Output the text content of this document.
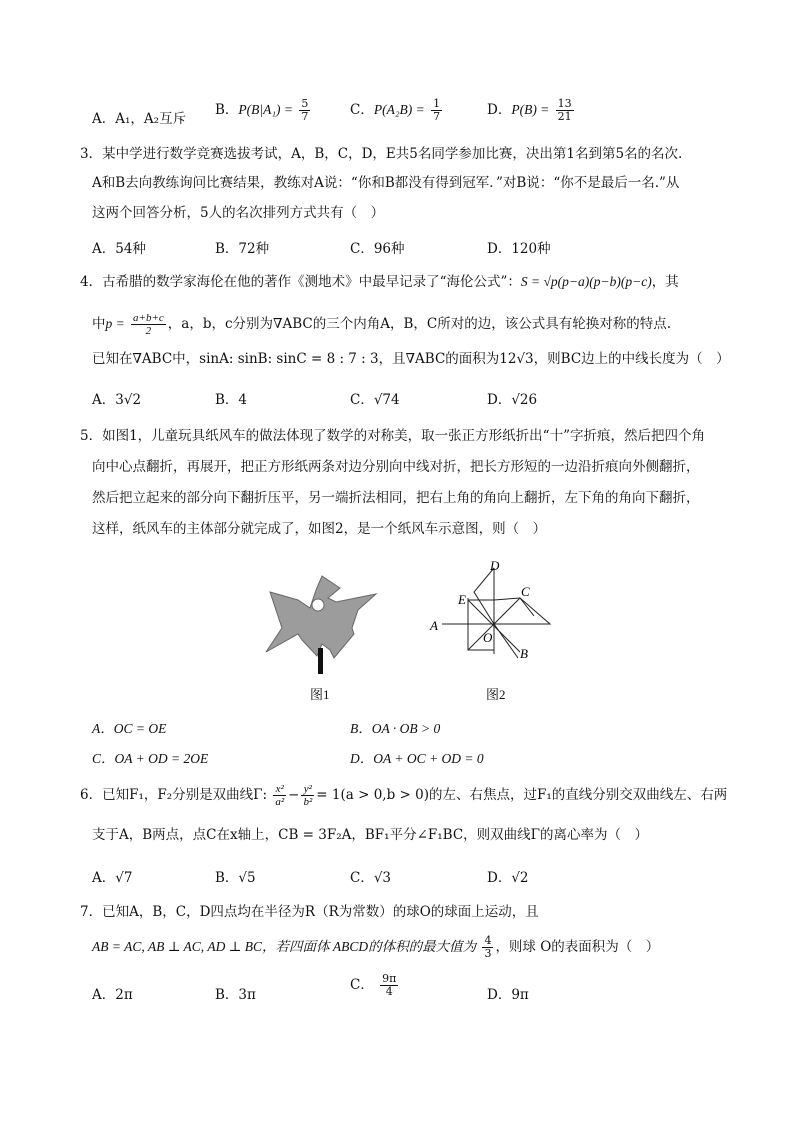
A．A₁，A₂互斥
B．$P(B|A_1) = \frac{5}{7}$	C．$P(A_2B) = \frac{1}{7}$	D．$P(B) = \frac{13}{21}$
3．某中学进行数学竞赛选拔考试，A，B，C，D，E共5名同学参加比赛，决出第1名到第5名的名次.
A和B去向教练询问比赛结果，教练对A说：“你和B都没有得到冠军．”对B说：“你不是最后一名.”从
这两个回答分析，5人的名次排列方式共有（　）
A．54种	B．72种	C．96种	D．120种
4．古希腊的数学家海伦在他的著作《测地术》中最早记录了“海伦公式”：S = √p(p−a)(p−b)(p−c)，其
中$p = \frac{a+b+c}{2}$ ，a，b，c分别为∇ABC的三个内角A，B，C所对的边，该公式具有轮换对称的特点.
已知在∇ABC中，sinA: sinB: sinC = 8 : 7 : 3，且∇ABC的面积为12√3，则BC边上的中线长度为（　）
A．3√2	B．4	C．√74	D．√26
5．如图1，儿童玩具纸风车的做法体现了数学的对称美，取一张正方形纸折出“十”字折痕，然后把四个角
向中心点翻折，再展开，把正方形纸两条对边分别向中线对折，把长方形短的一边沿折痕向外侧翻折，
然后把立起来的部分向下翻折压平，另一端折法相同，把右上角的角向上翻折，左下角的角向下翻折，
这样，纸风车的主体部分就完成了，如图2，是一个纸风车示意图，则（　）
图1
D
C
E
A
O
B
图2
A．OC = OE	B．OA · OB > 0
C．OA + OD = 2OE	D．OA + OC + OD = 0
6．已知F₁，F₂分别是双曲线Γ: $\frac{\text{x²}}{\text{a²}} - \frac{\text{y²}}{\text{b²}} = 1(a > 0,b > 0)$的左、右焦点，过F₁的直线分别交双曲线左、右两
支于A，B两点，点C在x轴上，CB = 3F₂A，BF₁平分∠F₁BC，则双曲线Γ的离心率为（　）
A．√7	B．√5	C．√3	D．√2
7．已知A，B，C，D四点均在半径为R（R为常数）的球O的球面上运动，且
AB = AC, AB ⊥ AC, AD ⊥ BC，若四面体 ABCD的体积的最大值为 $\frac{4}{3}$ ，则球 O的表面积为（　）
A．2π	B．3π
C． $\frac{9\pi}{4}$	D．9π
